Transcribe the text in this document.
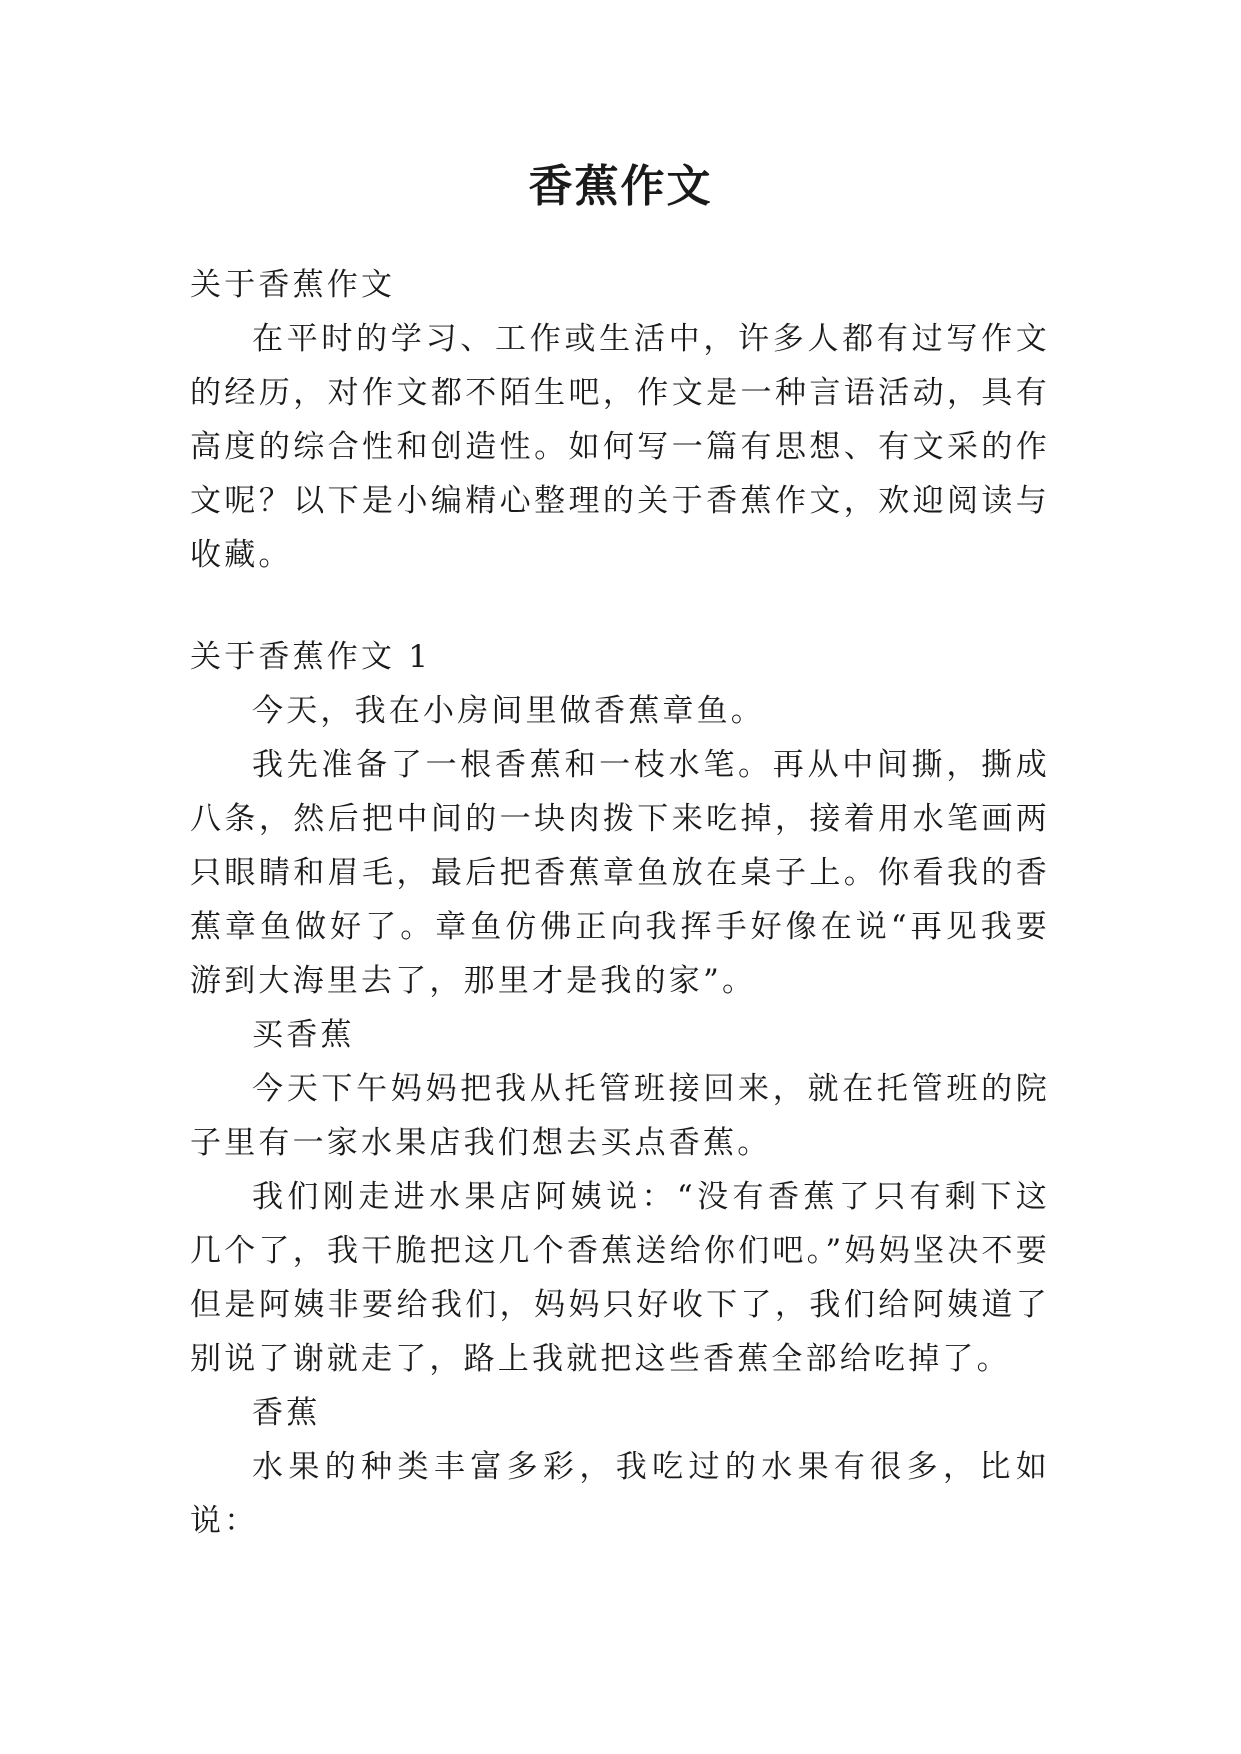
香蕉作文

关于香蕉作文

在平时的学习、工作或生活中，许多人都有过写作文的经历，对作文都不陌生吧，作文是一种言语活动，具有高度的综合性和创造性。如何写一篇有思想、有文采的作文呢？以下是小编精心整理的关于香蕉作文，欢迎阅读与收藏。

关于香蕉作文 1

今天，我在小房间里做香蕉章鱼。

我先准备了一根香蕉和一枝水笔。再从中间撕，撕成八条，然后把中间的一块肉拨下来吃掉，接着用水笔画两只眼睛和眉毛，最后把香蕉章鱼放在桌子上。你看我的香蕉章鱼做好了。章鱼仿佛正向我挥手好像在说“再见我要游到大海里去了，那里才是我的家”。

买香蕉

今天下午妈妈把我从托管班接回来，就在托管班的院子里有一家水果店我们想去买点香蕉。

我们刚走进水果店阿姨说：“没有香蕉了只有剩下这几个了，我干脆把这几个香蕉送给你们吧。”妈妈坚决不要但是阿姨非要给我们，妈妈只好收下了，我们给阿姨道了别说了谢就走了，路上我就把这些香蕉全部给吃掉了。

香蕉

水果的种类丰富多彩，我吃过的水果有很多，比如说：
